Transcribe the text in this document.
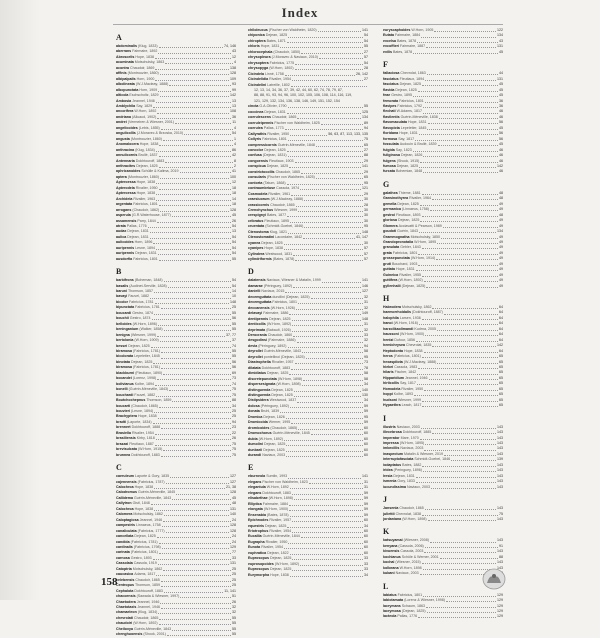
Index
A
abdominalis (Klug, 1833)	74, 146
aberrans Fairmaire, 1892	43
Abroscelis Hope, 1838	12
acuminata Motschulsky, 1863	4
acontra Chaudoir, 1869	138
affinis (Montrouzier, 1860)	128
albipalpalis Horn, 1900	109
albolineata (W.J.Macleay, 1888)	93
albopunctata Horn, 1909	99
alticola Eschscholtz, 1829	142
Ambosia Jeannel, 1946	13
Amblychila Say, 1829	13
ancorifera W.Horn, 1892	108
andriana (Alluaud, 1902)	36
andrei (Vermeiren & Wiesner, 2001)	11
angelicoides (Lebis, 1855)	4
angulicollis (J.Moravec & Brzoska, 2010)	54
angusta (Montrouzier, 1860)	1
Anomalocera Hope, 1838	4
anthracina (Klug, 1834)	86
annulicornis Brullé, 1837	42
Antennaria Dokhtouroff, 1883	8
anthracites Dejean, 1825	2
aphricanoides Schülle & Kalima, 2019	41
aptera (Montrouzier, 1860)	100
Apteroessa Hope, 1838	12
Apterodela Rivalier, 1950	18
Apteroessa Hope, 1838	18
Archidela Rivalier, 1963	14
argentata Fabricius, 1801	18
arrogans (Chaudoir, 1862)	128
asperula (G.R.Waterhouse, 1877)	45
assamensis Parry, 1844	26
atrata Pallas, 1776	54
audax Dejean, 1831	13
aulica Dejean, 1831	54
aulicoides Horn, 1896	54
auripennis Lesne, 1894	54
auripennis Dejean, 1831	54
ausdorfia Fabricius, 1801	55
B
barbifrons (Boheman, 1848)	54
basalis (Audinet-Serville, 1828)	54
baruni Thomson, 1857	14
bavayi Fauvel, 1882	10
bicolor Fabricius, 1781	148
bipunctata Fabricius, 1781	25
boucardi Gestro, 1874	55
bouchii Gestro, 1874	56
belloides (W.Horn, 1896)	55
beninganium (Walker, 1858)	55
benigna (Wiesner, 1999)	37, 77
bertolonia (W.Horn, 1909)	37
bessei Dejean, 1825	74
biramosa (Fabricius, 1781)	55
bicolorata Lepeletier, 1845	55
binotata Dejean, 1825	56
biramosa (Fabricius, 1781)	56
blackburni (Fleutiaux, 1890)	69
bocandei (Lorenz, 1998)	73
bolivianus Kolbe, 1894	74
bonelli (Guérin-Méneville, 1843)	75
bouchardi Fauvel, 1882	75
Boutchochepnus Thomson, 1859	88
boucarti (Chaudoir, 1865)	34
bouvieri (Lesne, 1894)	25
Brachyptera Hope, 1838	25
bradti (Laporte, 1834)	94
brennert Dokhtouroff, 1888	23
Brasiella Rivalier, 1954	22
brasiliensis Kirby, 1818	26
brazzai Fleutiaux, 1887	75
brevisulcata (W.Horn, 1915)	75
brunnea Dokhtouroff, 1883	75
C
caeruleum Laporte & Gory, 1835	127
cajennensis (Fabricius, 1787)	127
Calochroa Hope, 1838	21, 38
Calodromus Guérin-Méneville, 1845	128
Callidema Guérin-Méneville, 1843	45
Callytron Gistl, 1848	48
Calochroa Hope, 1838	131
Calomera Motschulsky, 1862	140
Caloptagiosa Jeannel, 1946	24
campestris Linnaeus, 1758	128
canaliculata (Fabricius, 1777)	128
cancellata Dejean, 1825	24
candida (Fabricius, 1781)	24
cardinalis (Fabricius, 1798)	129
carinata (Fabricius, 1801)	77
carnosa Gestro, 1893	33
Cassolaia Cassola, 1919	131
Catoptria Motschulsky, 1862	25
caucasica Adams, 1817	25
celebensis Chaudoir, 1865	25
Centropus Thomson, 1859	25
Cephalota Dokhtouroff, 1883	11, 141
chacoensis (Sawada & Wiesner, 1997)	51
Chaetodera Jeannel, 1946	26
Chaetotaxis Jeannel, 1946	32
chamaeleon (Klug, 1834)	32
chevrolati Chaudoir, 1865	55
chaudoiri (W.Horn, 1892)	55
Cheiloxya Guérin-Méneville, 1843	55
chenghuoensis (Shook, 2001)	55
chiloleucus (Fischer von Waldheim, 1820)	141
chiponica Dejean, 1825	54
chiroptera Bates, 1871	54
chloris Hope, 1831	55
chlorocephala (Chaudoir, 1850)	27
chrysopleura (J.Moravec & Naviaux, 2010)	57
chrysoptera Fabricius, 1775	54
chrysopyga (W.Horn, 1892)	28
Cicindela Linné, 1758	26, 142
Cicindelidia Rivalier, 1954	27
Cicindelini Latreille, 1802
12, 13, 14, 34, 36, 37, 39, 42, 44, 60, 62, 74, 78, 79, 87,
88, 88, 91, 93, 94, 96, 100, 102, 105, 106, 108, 114, 116, 119,
121, 129, 132, 134, 136, 138, 146, 149, 151, 152, 154
cincta G.A.Olivier, 1790	55
coccinea Dejean, 1831	125
coerulescens Chaudoir, 1865	134
coeruleipennis Fischer von Waldheim, 1825	89
coerulea Pallas, 1773	94
Callyrathis Rivalier, 1950	56, 63, 87, 113, 133, 135
Collyris Fabricius, 1801	75
compressicornis Guérin-Méneville, 1848	65
concolor Dejean, 1825	27
confusa (Dejean, 1831)	88
congoensis Fleutiaux, 1903	29
conspicua Dejean, 1825	141
constrictocollis Chaudoir, 1865	29
consularis (Fischer von Waldheim, 1825)	65
contorta (Tatum, 1868)	95
contraumbriuse Cassola, 1974	121
Cosmodela Rivalier, 1961	29
craesiuorum (W.J.Macleay, 1888)	30
crassicornis Chaudoir, 1865	28
Crenohynchus Wiesner, 1999	30
crespignyi Bates, 1877	30
cribratus Fleutiaux, 1895	30
cruentata (Schmidt-Goebel, 1846)	95
Ctenostoma Klug, 1821	148
Ctenostomatini Lacordaire, 1842	41, 147
cyanea Dejean, 1825	30
cyanipes Hope, 1838	57
Cylindera Westwood, 1831	57
cylindriformis (Bates, 1878)	57
D
dalatensis Naviaux, Wiesner & Matalin, 1999	141
damarae (Péringuey, 1892)	146
danielli Naviaux, 2015	127
decemguttata dundlini (Dejean, 1825)	32
decemguttata Fabricius, 1801	31
deccanensis (W.Horn, 1926)	32
delavayi Fairmaire, 1886	149
dentipennis Dejean, 1825	148
denticollis (W.Horn, 1892)	31
deprimata (Babault, 1926)	32
Derocrania Chaudoir, 1860	33
desgodinsi (Fairmaire, 1886)	32
devia (Péringuey, 1892)	94
deyrollei Guérin-Méneville, 1843	58
deyrollei pontellinoi (Dejean, 1825)	95
Diastrophella Rivalier, 1957	73
dilatata Dokhtouroff, 1883	78
dimidiatus Dejean, 1825	58
discretepunctata (W.Horn, 1898)	58
dispersesignata (W.Horn, 1898)	34
distinguenda Dejean, 1825	140
distinguenda Dejean, 1825	130
Distipsidera Westwood, 1837	34
dolosa (Péringuey, 1892)	59
donata Bruhl, 1839	59
Dromica Dejean, 1826	95
Dromicoida Werner, 1995	59
dromicoides (Chaudoir, 1865)	60
Dromochorus Guérin-Méneville, 1845	60
dubia (W.Horn, 1892)	60
dumolini Dejean, 1825	60
dunbarii Dejean, 1825	60
durandi Naviaux, 2003	60
E
eburneola Sumlin, 1993	141
elegans Fischer von Waldheim, 1823	31
elegantula W.Horn, 1892	31
elegans Dokhtouroff, 1883	59
elisabethae (W.Horn, 1898)	59
Elliptica Fairmaire, 1884	59
elongata (W.Horn, 1900)	59
Ensenabia (Bates, 1878)	59
Epichnodes Rivalier, 1957	60
equestris Dejean, 1825	34
Eriotrophus Rivalier, 1954	60
Eucallia Guérin-Méneville, 1844	60
Eugrapha Rivalier, 1950	60
Eunota Rivalier, 1954	60
euphratica Dejean, 1822	60
Euprosopus Dejean, 1825	33
euprosopoides (W.Horn, 1892)	33
Euprosopus Dejean, 1825	33
Eurymorpha Hope, 1838	34
euryscaphoides W.Horn, 1905	122
Eutata Fairmaire, 1884	134
excelsa Bates, 1878	43
excoffieri Fairmaire, 1887	131
exilis Bates, 1878	45
F
fallaciosa Chevrolat, 1863	44
fasciatus Fleutiaux, 1894	131
fasciatus Dejean, 1825	45
flavida Dejean, 1825	45
feae Gestro, 1895	45
femorata Fabricius, 1801	36
flavipes Fabricius, 1792	36
flechati W.Adams, 1817	46
flavilentis Guérin-Méneville, 1838	46
flavomaculata Hope, 1831	56
flavopicta Lepeletier, 1845	45
floridana Hope, 1831	56
formosa Say, 1817	56
fossulata Audouin & Brullé, 1839	45
fulgida Say, 1823	46
fuliginosa Dejean, 1826	46
fulgens (Shook, 1915)	46
fumosa Dejean, 1825	142
furcata Bohemian, 1848	46
G
galathea Thieme, 1881	48
Gansinothyrea Rivalier, 1964	48
gemella Dejean, 1825	49
germanica (Linnaeus, 1758)	49
gestroi Fleutiaux, 1893	48
gloriosa Dejean, 1825	49
Glomera Acciavatti & Pearson, 1989	49
goudoti Guérin, 1843	134
Grammognatha Motschulsky, 1850	49
Grandopronotalia W.Horn, 1895	49
granulata Gebler, 1843	49
grata Fabricius, 1801	49
grossepunctata (W.Horn, 1914)	49
gruti Bouchard, 1903	49
guttata Hope, 1831	49
Guineica Rivalier, 1955	49
guttifera (W.Horn, 1892)	49
gyllenhalii (Dejean, 1825)	49
H
Habrodera Motschulsky, 1862	64
haemorrhoidalis (Dokhtouroff, 1887)	64
halophila Larsen, 1936	64
hanoi (W.Horn, 1916)	64
harzolikaolimandi Kudrna, 2005	64
haussoni (W.Horn, 1900)	64
hentzi Dufour, 1856	64
hemichrysea Chevrolat, 1835	142
Heptodonta Hope, 1838	64
heros (Fabricius, 1801)	65
hexaspilota (W.J.Macleay, 1888)	65
hiekei Cassola, 1983	65
hilaris Fischer, 1842	65
Hipparidium Jeannel, 1946	65
hirticollis Say, 1817	65
Homodela Rivalier, 1950	65
hoppi Kolbe, 1893	65
hudsoni Wiesner, 1999	65
Hypaethra Leach, 1817	65
I
illustris Naviaux, 2003	143
illecebrosa Dokhtouroff, 1885	143
imperator Mare, 1970	143
impressa (W.Horn, 1895)	143
imbecillis Naviaux, 2003	143
inaspectum Matalin & Wiesner, 2019	143
interruptofasciata Schmidt-Goebel, 1846	139
iodaptatus Bates, 1882	143
iridea (Peringuey, 1896)	143
Iresia Dejean, 1831	143
ismenia Gory, 1833	143
iucundissima Naviaux, 2003	143
J
Jansenia Chaudoir, 1865	143
juliettii Chevrolat, 1838	75
jordaniana (W.Horn, 1898)	143
K
katsuyamai (Wiesner, 2008)	143
kenyana (Cassola, 2006)	91
kivuensis Cassola, 2003	143
kochianus Schüle & Werner, 2001	88
kochai (Wiesner, 2015)	143
kolbeana W.Horn, 1898	143
kubani Naviaux, 2003
L
labiatus Fabricius, 1801	129
labiotarsata (Lorenz & Wiesner, 1998)	129
lacrymans Schaum, 1863	129
lacrymosa (Dejean, 1825)	129
lacteola Pallas, 1776	129
158
